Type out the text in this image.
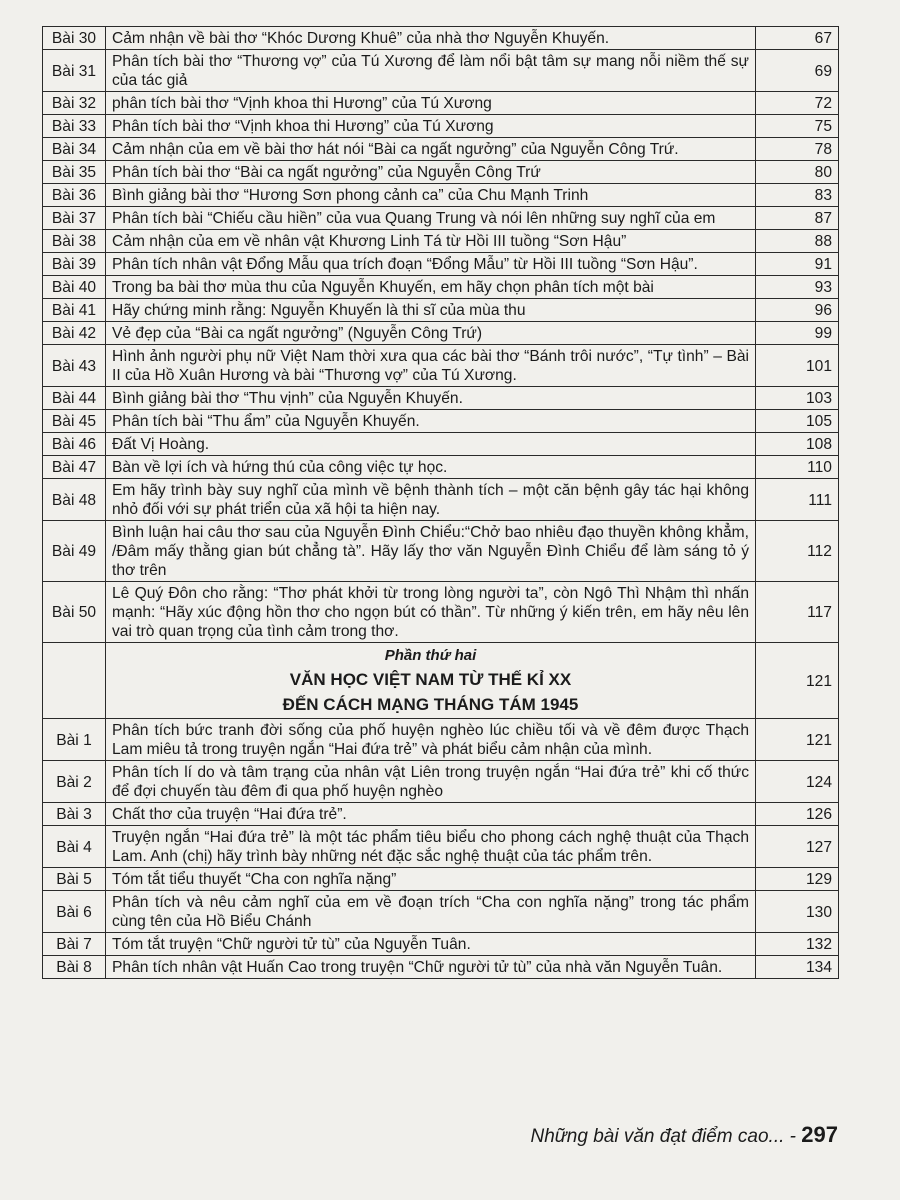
Bài 30	Cảm nhận về bài thơ “Khóc Dương Khuê” của nhà thơ Nguyễn Khuyến.	67
Bài 31	Phân tích bài thơ “Thương vợ” của Tú Xương để làm nổi bật tâm sự mang nỗi niềm thế sự của tác giả	69
Bài 32	phân tích bài thơ “Vịnh khoa thi Hương” của Tú Xương	72
Bài 33	Phân tích bài thơ “Vịnh khoa thi Hương” của Tú Xương	75
Bài 34	Cảm nhận của em về bài thơ hát nói “Bài ca ngất ngưởng” của Nguyễn Công Trứ.	78
Bài 35	Phân tích bài thơ “Bài ca ngất ngưởng” của Nguyễn Công Trứ	80
Bài 36	Bình giảng bài thơ “Hương Sơn phong cảnh ca” của Chu Mạnh Trinh	83
Bài 37	Phân tích bài “Chiếu cầu hiền” của vua Quang Trung và nói lên những suy nghĩ của em	87
Bài 38	Cảm nhận của em về nhân vật Khương Linh Tá từ Hồi III tuồng “Sơn Hậu”	88
Bài 39	Phân tích nhân vật Đổng Mẫu qua trích đoạn “Đổng Mẫu” từ Hồi III tuồng “Sơn Hậu”.	91
Bài 40	Trong ba bài thơ mùa thu của Nguyễn Khuyến, em hãy chọn phân tích một bài	93
Bài 41	Hãy chứng minh rằng: Nguyễn Khuyến là thi sĩ của mùa thu	96
Bài 42	Vẻ đẹp của “Bài ca ngất ngưởng” (Nguyễn Công Trứ)	99
Bài 43	Hình ảnh người phụ nữ Việt Nam thời xưa qua các bài thơ “Bánh trôi nước”, “Tự tình” – Bài II của Hồ Xuân Hương và bài “Thương vợ” của Tú Xương.	101
Bài 44	Bình giảng bài thơ “Thu vịnh” của Nguyễn Khuyến.	103
Bài 45	Phân tích bài “Thu ẩm” của Nguyễn Khuyến.	105
Bài 46	Đất Vị Hoàng.	108
Bài 47	Bàn về lợi ích và hứng thú của công việc tự học.	110
Bài 48	Em hãy trình bày suy nghĩ của mình về bệnh thành tích – một căn bệnh gây tác hại không nhỏ đối với sự phát triển của xã hội ta hiện nay.	111
Bài 49	Bình luận hai câu thơ sau của Nguyễn Đình Chiểu:“Chở bao nhiêu đạo thuyền không khẳm, /Đâm mấy thằng gian bút chẳng tà”. Hãy lấy thơ văn Nguyễn Đình Chiểu để làm sáng tỏ ý thơ trên	112
Bài 50	Lê Quý Đôn cho rằng: “Thơ phát khởi từ trong lòng người ta”, còn Ngô Thì Nhậm thì nhấn mạnh: “Hãy xúc động hồn thơ cho ngọn bút có thần”. Từ những ý kiến trên, em hãy nêu lên vai trò quan trọng của tình cảm trong thơ.	117

	Phần thứ hai
VĂN HỌC VIỆT NAM TỪ THẾ KỈ XX
ĐẾN CÁCH MẠNG THÁNG TÁM 1945	121
Bài 1	Phân tích bức tranh đời sống của phố huyện nghèo lúc chiều tối và về đêm được Thạch Lam miêu tả trong truyện ngắn “Hai đứa trẻ” và phát biểu cảm nhận của mình.	121
Bài 2	Phân tích lí do và tâm trạng của nhân vật Liên trong truyện ngắn “Hai đứa trẻ” khi cố thức để đợi chuyến tàu đêm đi qua phố huyện nghèo	124
Bài 3	Chất thơ của truyện “Hai đứa trẻ”.	126
Bài 4	Truyện ngắn “Hai đứa trẻ” là một tác phẩm tiêu biểu cho phong cách nghệ thuật của Thạch Lam. Anh (chị) hãy trình bày những nét đặc sắc nghệ thuật của tác phẩm trên.	127
Bài 5	Tóm tắt tiểu thuyết “Cha con nghĩa nặng”	129
Bài 6	Phân tích và nêu cảm nghĩ của em về đoạn trích “Cha con nghĩa nặng” trong tác phẩm cùng tên của Hồ Biểu Chánh	130
Bài 7	Tóm tắt truyện “Chữ người tử tù” của Nguyễn Tuân.	132
Bài 8	Phân tích nhân vật Huấn Cao trong truyện “Chữ người tử tù” của nhà văn Nguyễn Tuân.	134
Những bài văn đạt điểm cao... - 297
